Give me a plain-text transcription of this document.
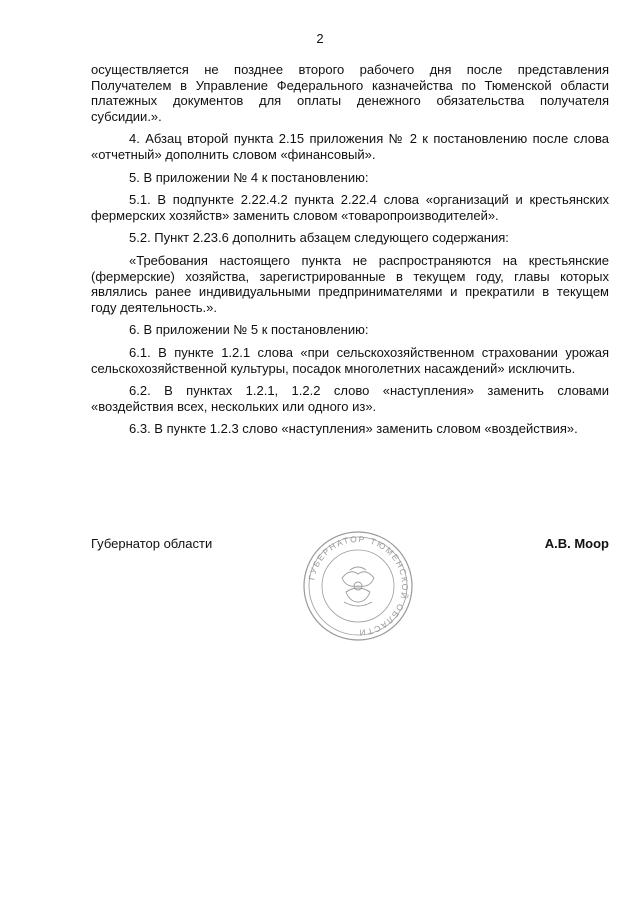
2

осуществляется не позднее второго рабочего дня после представления Получателем в Управление Федерального казначейства по Тюменской области платежных документов для оплаты денежного обязательства получателя субсидии.».

4. Абзац второй пункта 2.15 приложения № 2 к постановлению после слова «отчетный» дополнить словом «финансовый».

5. В приложении № 4 к постановлению:

5.1. В подпункте 2.22.4.2 пункта 2.22.4 слова «организаций и крестьянских фермерских хозяйств» заменить словом «товаропроизводителей».

5.2. Пункт 2.23.6 дополнить абзацем следующего содержания:

«Требования настоящего пункта не распространяются на крестьянские (фермерские) хозяйства, зарегистрированные в текущем году, главы которых являлись ранее индивидуальными предпринимателями и прекратили в текущем году деятельность.».

6. В приложении № 5 к постановлению:

6.1. В пункте 1.2.1 слова «при сельскохозяйственном страховании урожая сельскохозяйственной культуры, посадок многолетних насаждений» исключить.

6.2. В пунктах 1.2.1, 1.2.2 слово «наступления» заменить словами «воздействия всех, нескольких или одного из».

6.3. В пункте 1.2.3 слово «наступления» заменить словом «воздействия».

Губернатор области	А.В. Моор
ГУБЕРНАТОР ТЮМЕНСКОЙ ОБЛАСТИ
